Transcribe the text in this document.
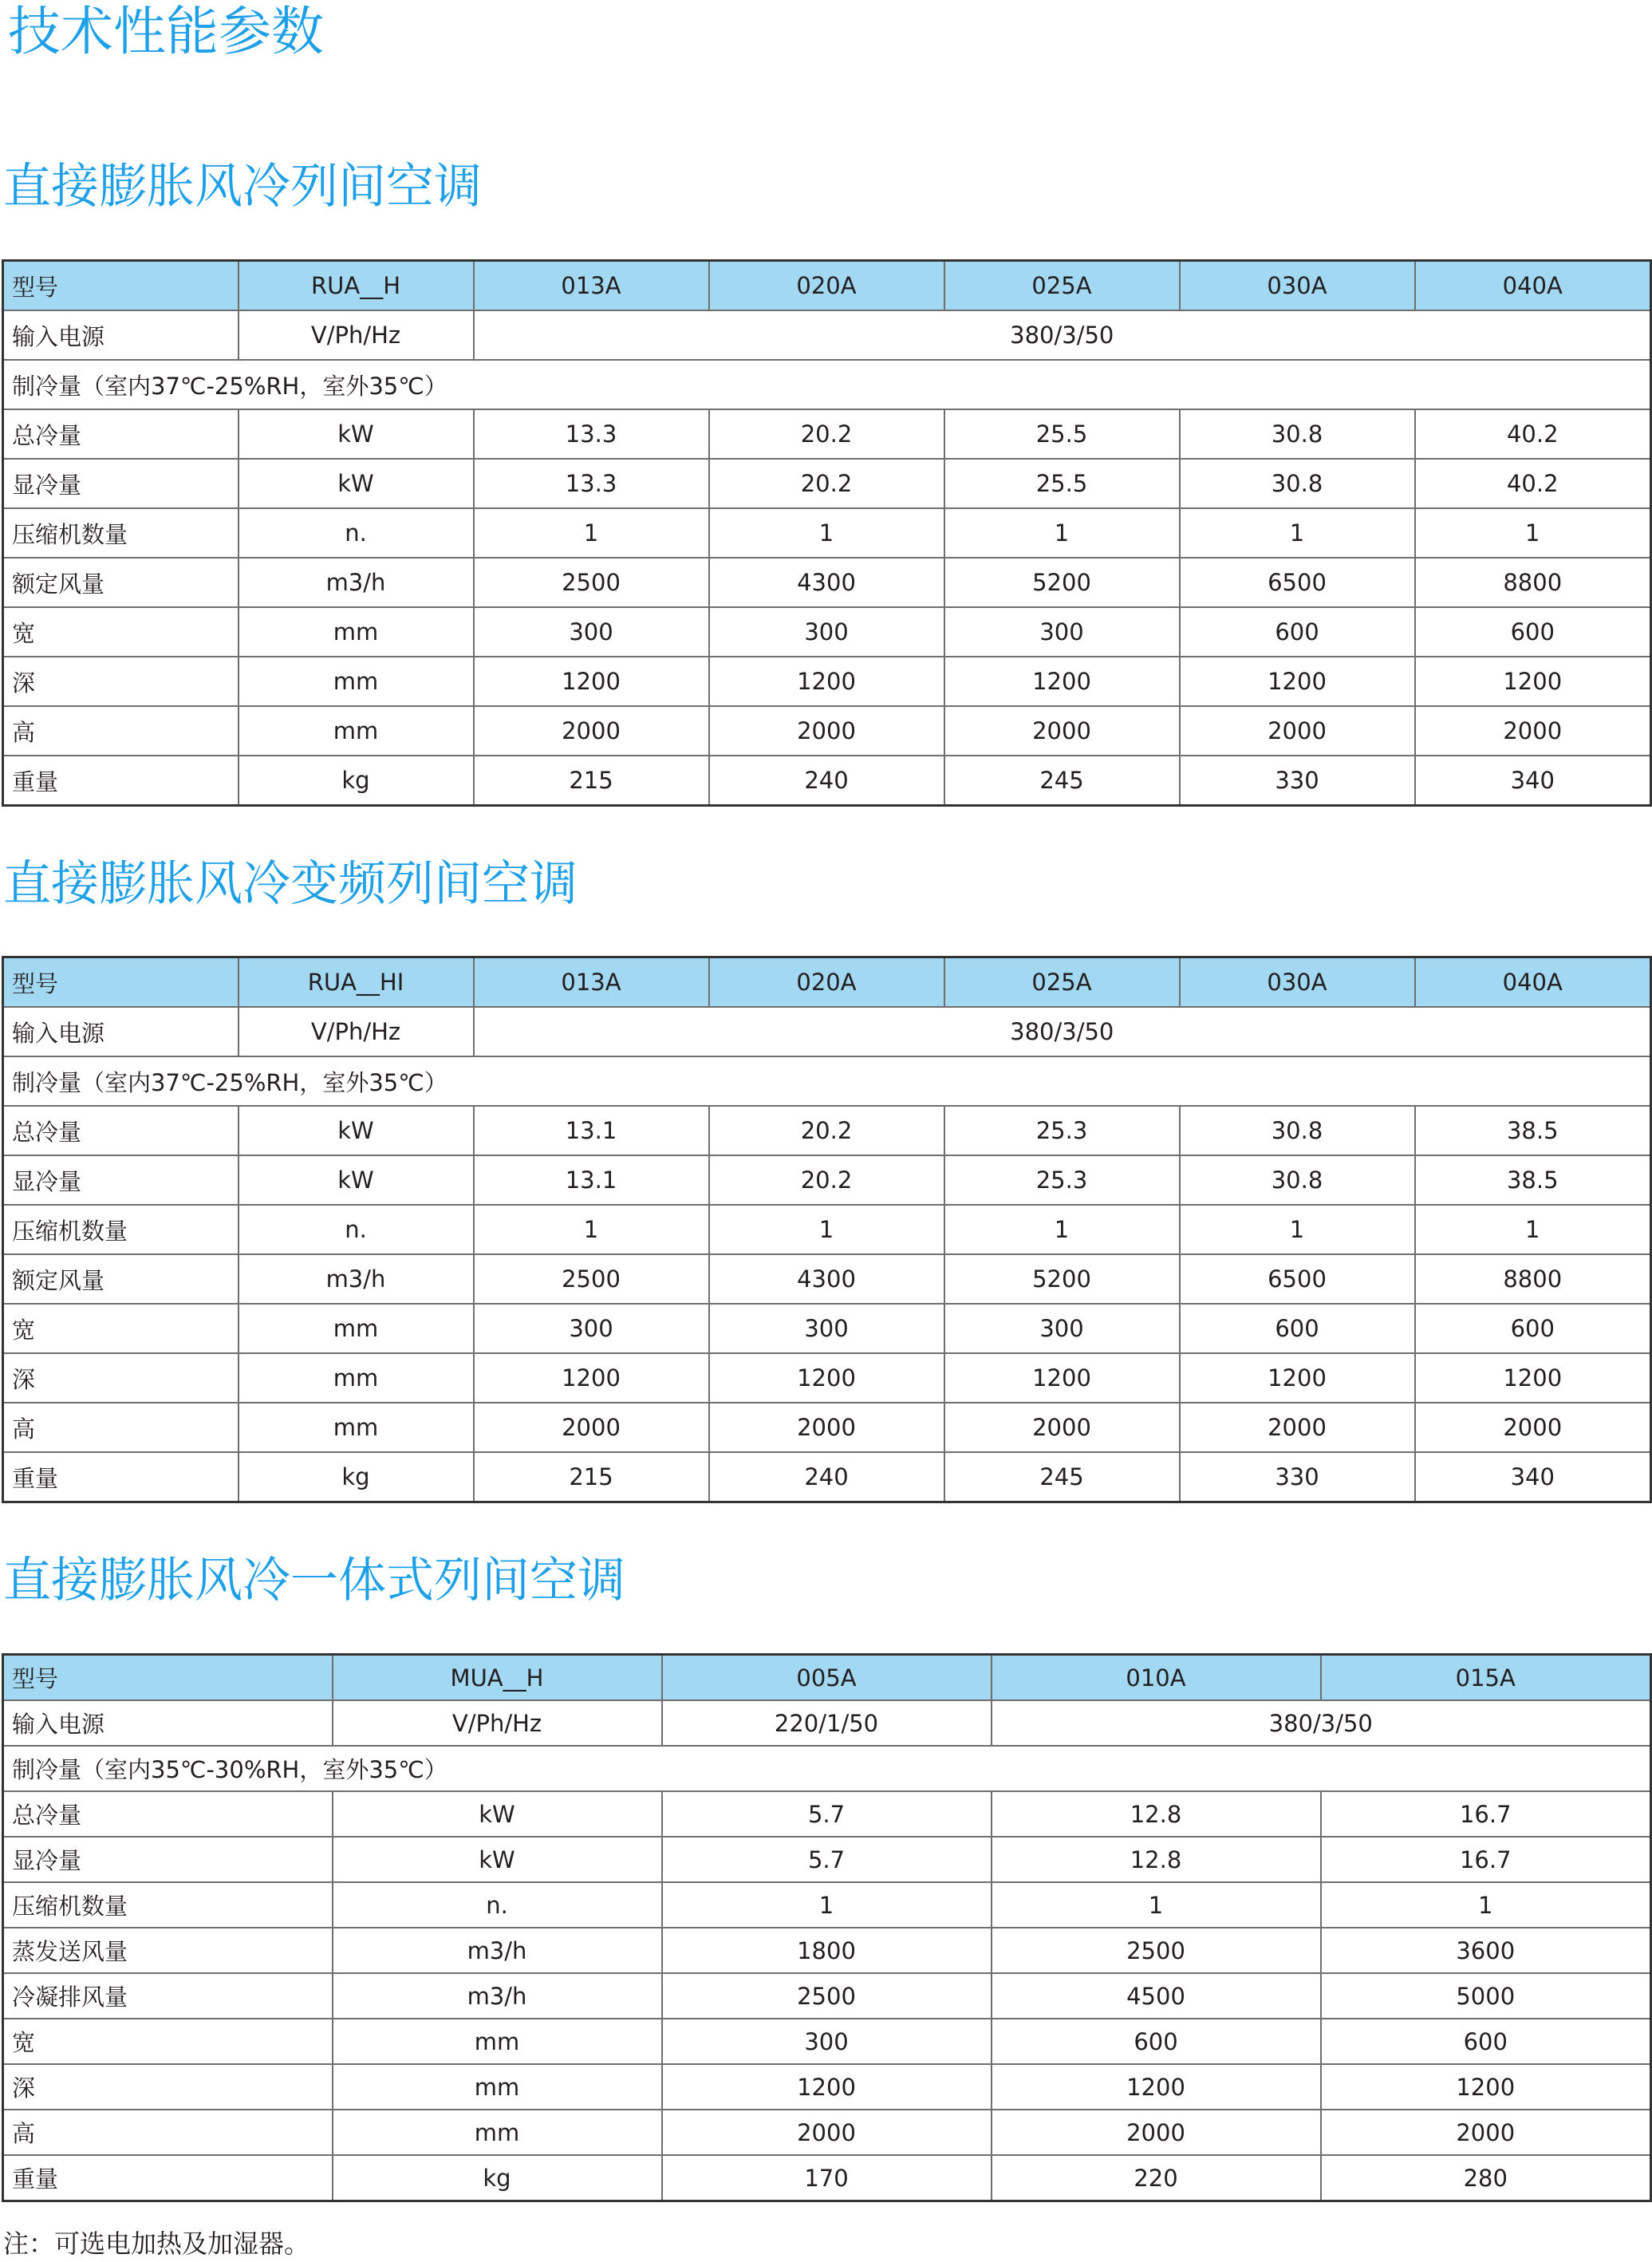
技术性能参数
直接膨胀风冷列间空调
型号	RUA__H	013A	020A	025A	030A	040A
输入电源	V/Ph/Hz	380/3/50				
制冷量（室内37℃-25%RH，室外35℃）						
总冷量	kW	13.3	20.2	25.5	30.8	40.2
显冷量	kW	13.3	20.2	25.5	30.8	40.2
压缩机数量	n.	1	1	1	1	1
额定风量	m3/h	2500	4300	5200	6500	8800
宽	mm	300	300	300	600	600
深	mm	1200	1200	1200	1200	1200
高	mm	2000	2000	2000	2000	2000
重量	kg	215	240	245	330	340
直接膨胀风冷变频列间空调
型号	RUA__HI	013A	020A	025A	030A	040A
输入电源	V/Ph/Hz	380/3/50				
制冷量（室内37℃-25%RH，室外35℃）						
总冷量	kW	13.1	20.2	25.3	30.8	38.5
显冷量	kW	13.1	20.2	25.3	30.8	38.5
压缩机数量	n.	1	1	1	1	1
额定风量	m3/h	2500	4300	5200	6500	8800
宽	mm	300	300	300	600	600
深	mm	1200	1200	1200	1200	1200
高	mm	2000	2000	2000	2000	2000
重量	kg	215	240	245	330	340
直接膨胀风冷一体式列间空调
型号	MUA__H	005A	010A	015A
输入电源	V/Ph/Hz	220/1/50	380/3/50	
制冷量（室内35℃-30%RH，室外35℃）				
总冷量	kW	5.7	12.8	16.7
显冷量	kW	5.7	12.8	16.7
压缩机数量	n.	1	1	1
蒸发送风量	m3/h	1800	2500	3600
冷凝排风量	m3/h	2500	4500	5000
宽	mm	300	600	600
深	mm	1200	1200	1200
高	mm	2000	2000	2000
重量	kg	170	220	280

注：可选电加热及加湿器。
